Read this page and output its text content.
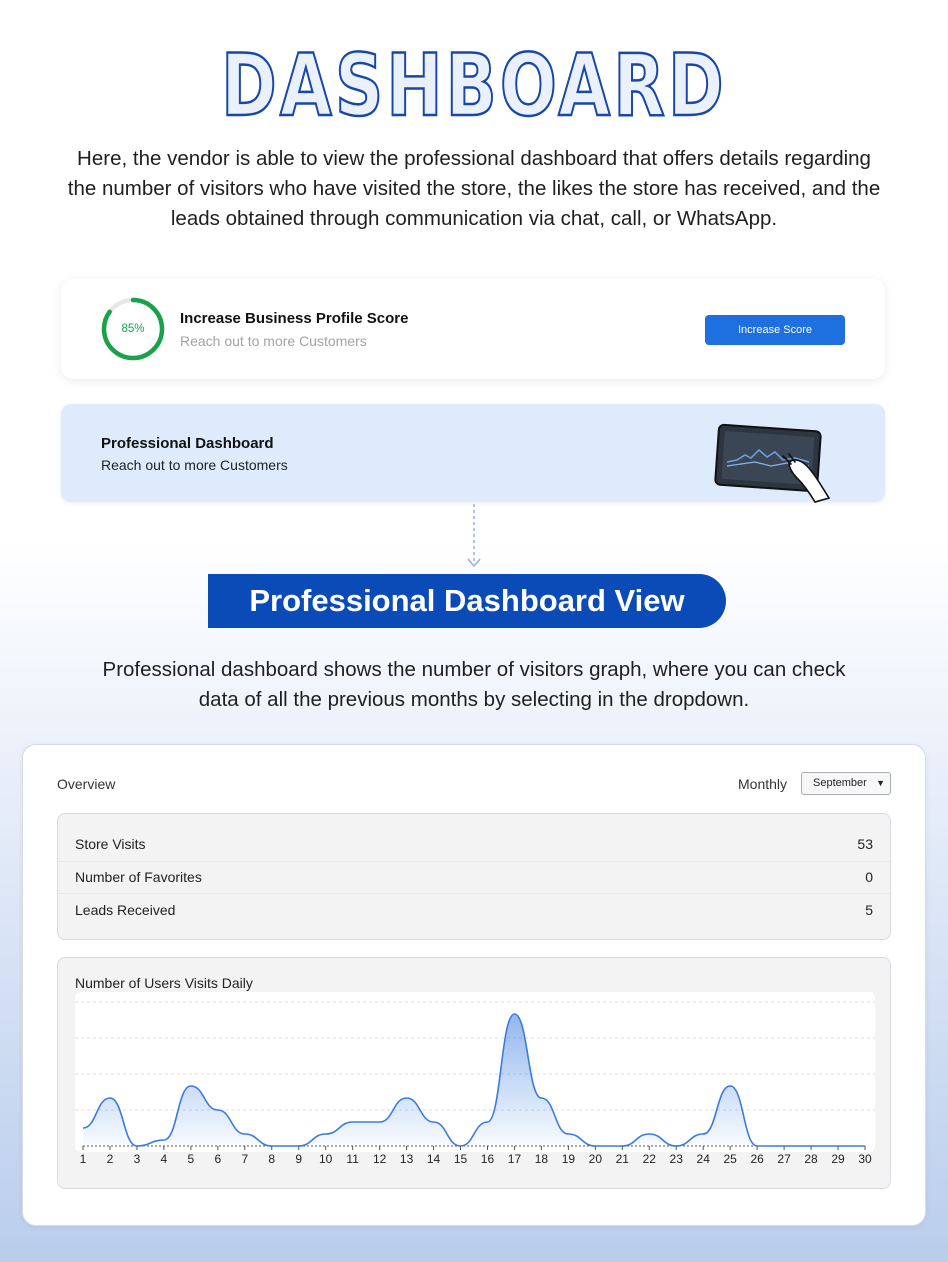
DASHBOARD
Here, the vendor is able to view the professional dashboard that offers details regarding the number of visitors who have visited the store, the likes the store has received, and the leads obtained through communication via chat, call, or WhatsApp.
85%
Increase Business Profile Score
Reach out to more Customers
Increase Score
Professional Dashboard
Reach out to more Customers
Professional Dashboard View
Professional dashboard shows the number of visitors graph, where you can check data of all the previous months by selecting in the dropdown.
Overview	Monthly	September ▼
Store Visits	53
Number of Favorites	0
Leads Received	5
Number of Users Visits Daily
1 2 3 4 5 6 7 8 9 10 11 12 13 14 15 16 17 18 19 20 21 22 23 24 25 26 27 28 29 30
